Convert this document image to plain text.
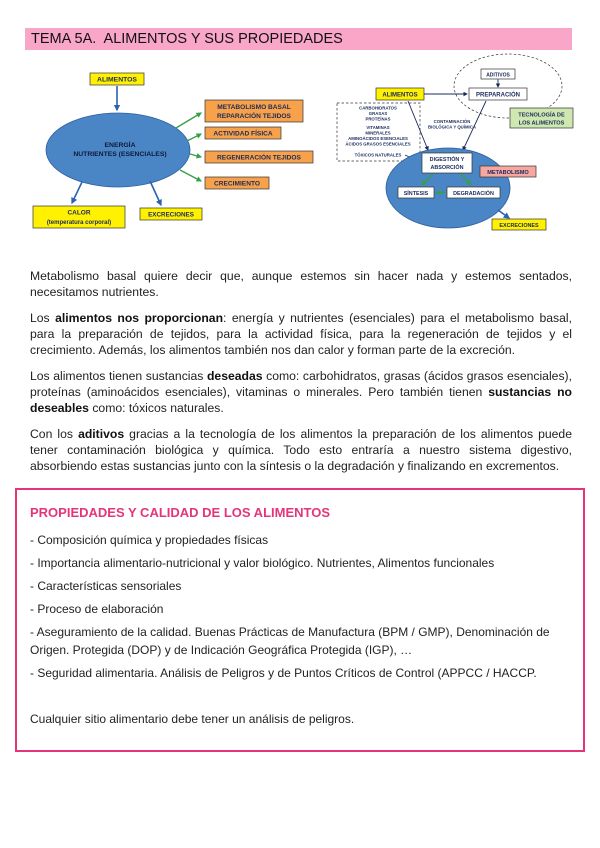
TEMA 5A.  ALIMENTOS Y SUS PROPIEDADES
ALIMENTOS
ENERGÍA
NUTRIENTES (ESENCIALES)
METABOLISMO BASAL
REPARACIÓN TEJIDOS
ACTIVIDAD FÍSICA
REGENERACIÓN TEJIDOS
CRECIMIENTO
CALOR
(temperatura corporal)
EXCRECIONES
ADITIVOS
PREPARACIÓN
ALIMENTOS
TECNOLOGÍA DE
LOS ALIMENTOS
CARBOHIDRATOS
GRASAS
PROTEÍNAS
VITAMINAS
MINERALES
AMINOÁCIDOS ESENCIALES
ÁCIDOS GRASOS ESENCIALES
TÓXICOS NATURALES
CONTAMINACIÓN
BIOLÓGICA Y QUÍMICA
DIGESTIÓN Y
ABSORCIÓN
SÍNTESIS	DEGRADACIÓN
METABOLISMO
EXCRECIONES

Metabolismo basal quiere decir que, aunque estemos sin hacer nada y estemos sentados, necesitamos nutrientes.

Los alimentos nos proporcionan: energía y nutrientes (esenciales) para el metabolismo basal, para la preparación de tejidos, para la actividad física, para la regeneración de tejidos y el crecimiento. Además, los alimentos también nos dan calor y forman parte de la excreción.

Los alimentos tienen sustancias deseadas como: carbohidratos, grasas (ácidos grasos esenciales), proteínas (aminoácidos esenciales), vitaminas o minerales. Pero también tienen sustancias no deseables como: tóxicos naturales.

Con los aditivos gracias a la tecnología de los alimentos la preparación de los alimentos puede tener contaminación biológica y química. Todo esto entraría a nuestro sistema digestivo, absorbiendo estas sustancias junto con la síntesis o la degradación y finalizando en excrementos.

PROPIEDADES Y CALIDAD DE LOS ALIMENTOS
- Composición química y propiedades físicas
- Importancia alimentario-nutricional y valor biológico. Nutrientes, Alimentos funcionales
- Características sensoriales
- Proceso de elaboración
- Aseguramiento de la calidad. Buenas Prácticas de Manufactura (BPM / GMP), Denominación de Origen. Protegida (DOP) y de Indicación Geográfica Protegida (IGP), …
- Seguridad alimentaria. Análisis de Peligros y de Puntos Críticos de Control (APPCC / HACCP.
Cualquier sitio alimentario debe tener un análisis de peligros.
